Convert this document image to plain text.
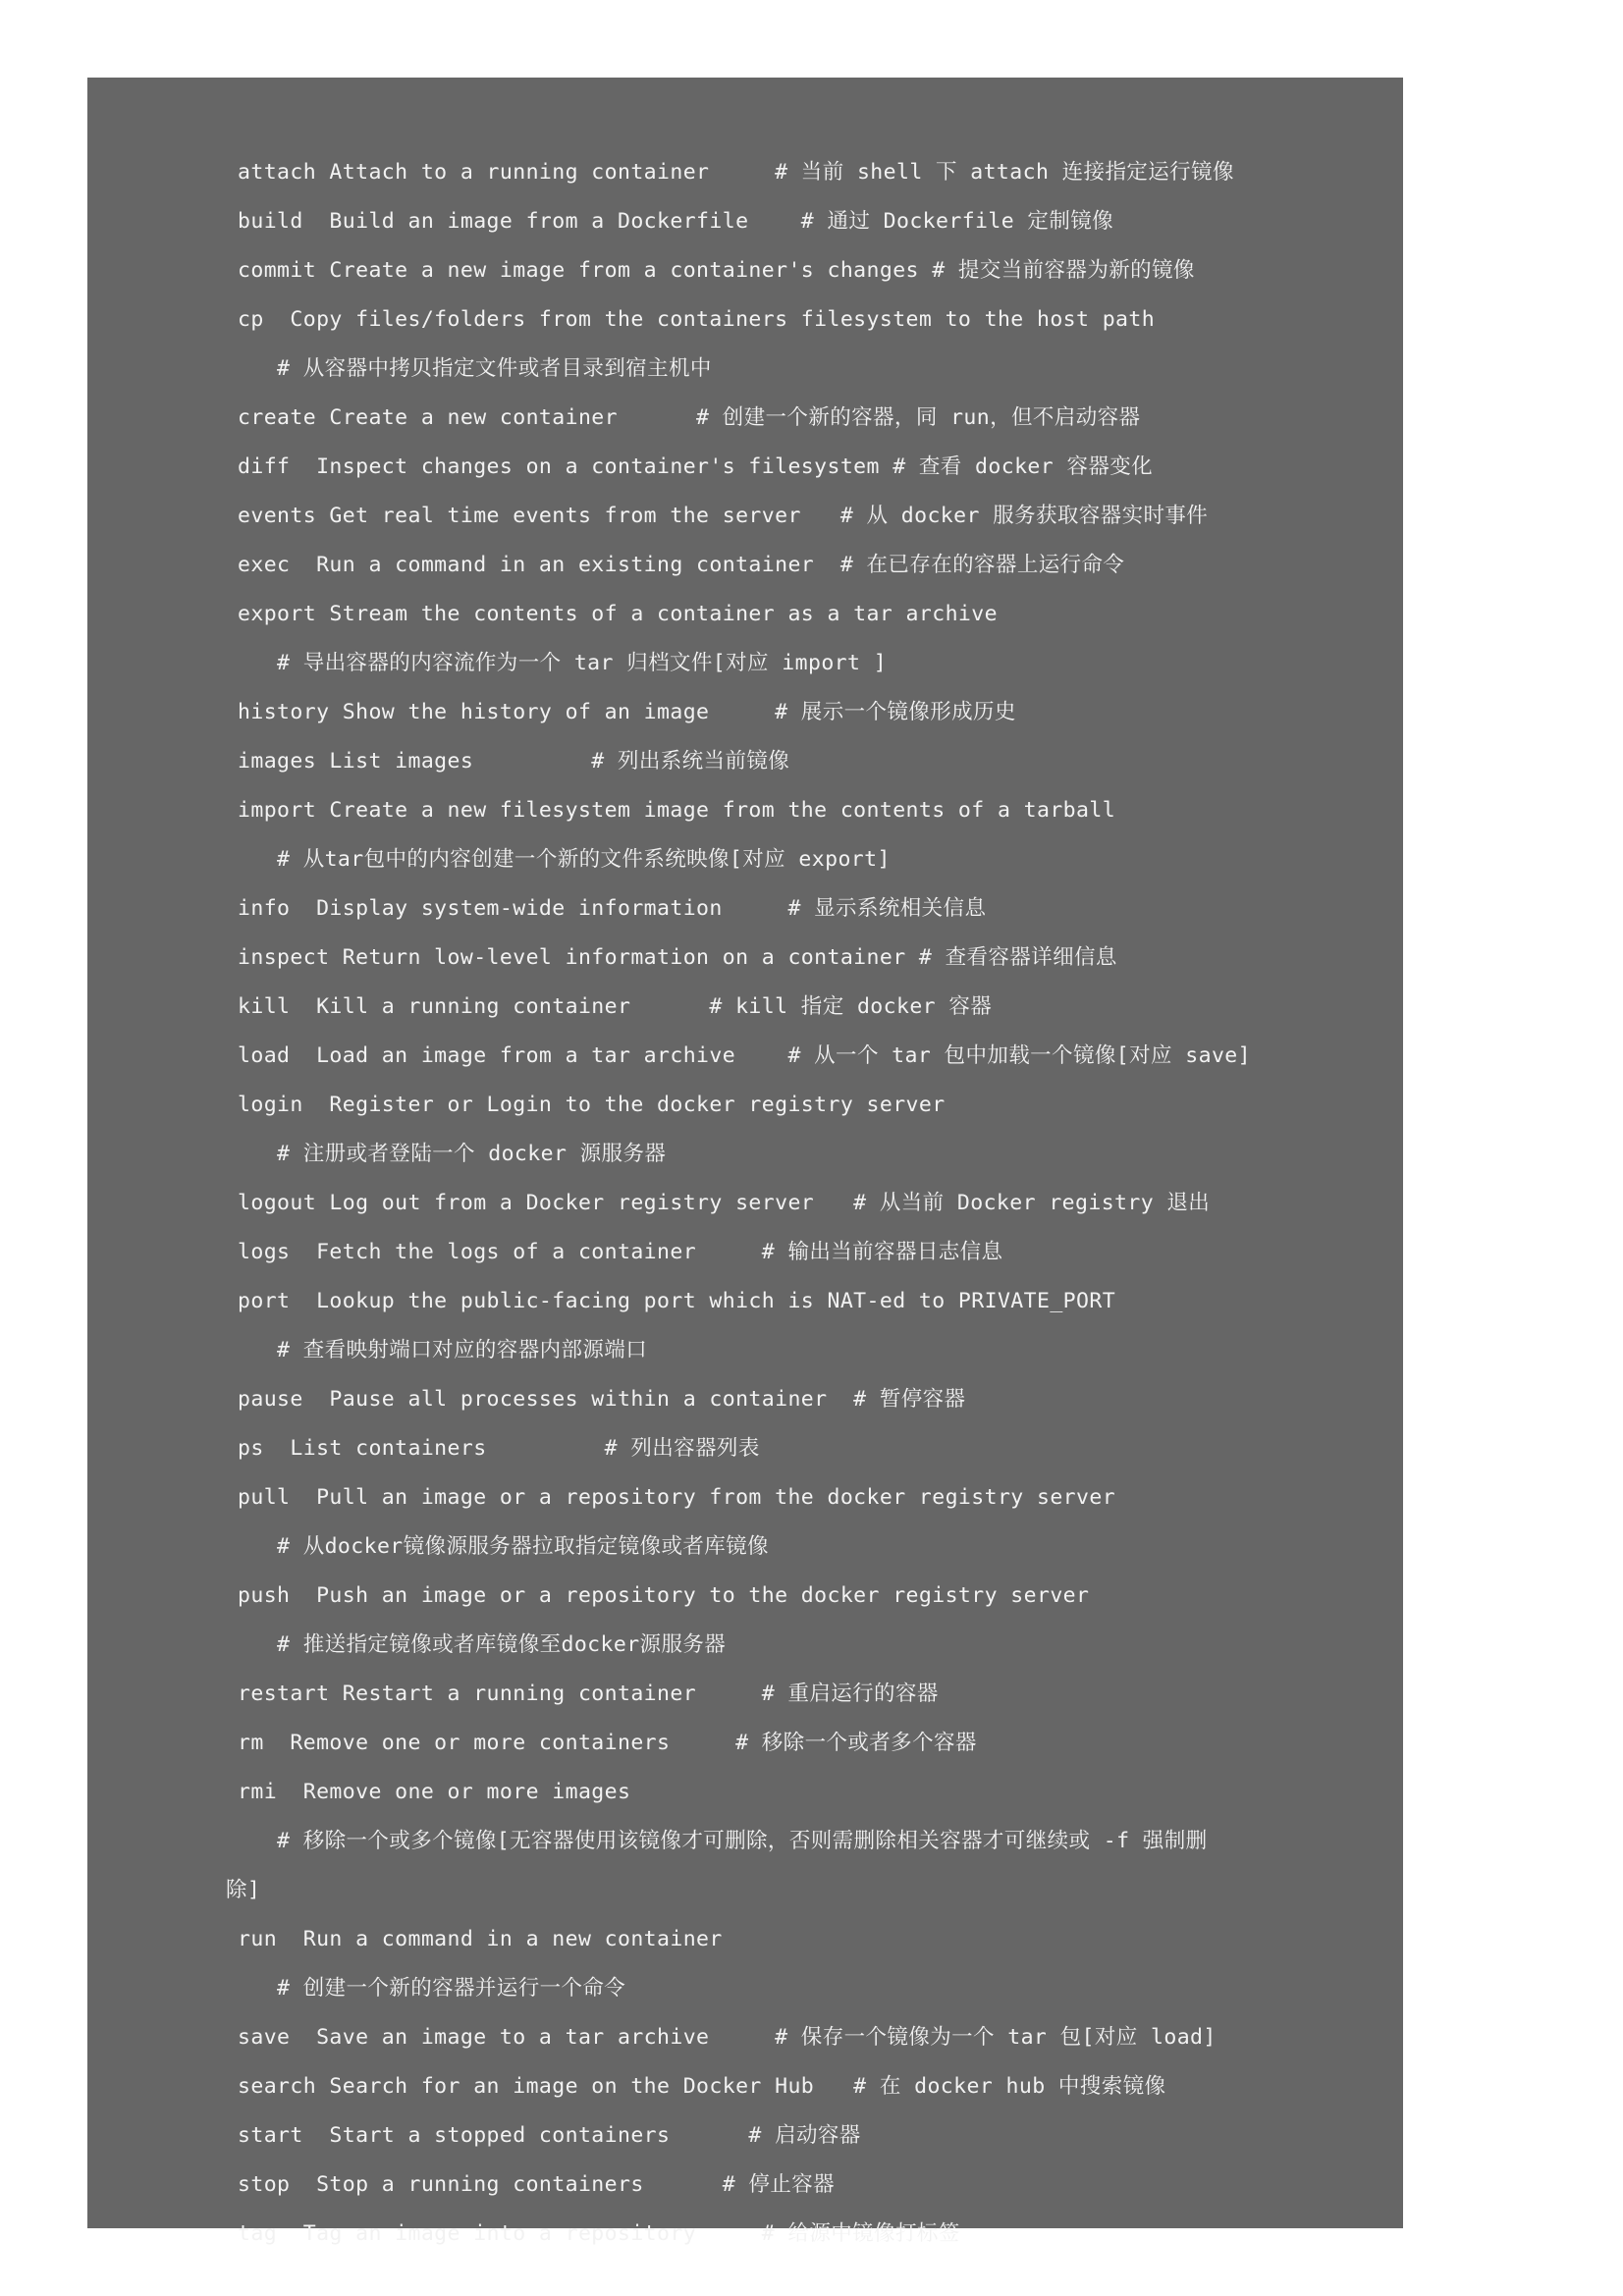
attach Attach to a running container     # 当前 shell 下 attach 连接指定运行镜像
build  Build an image from a Dockerfile    # 通过 Dockerfile 定制镜像
commit Create a new image from a container's changes # 提交当前容器为新的镜像
cp  Copy files/folders from the containers filesystem to the host path
# 从容器中拷贝指定文件或者目录到宿主机中
create Create a new container      # 创建一个新的容器，同 run，但不启动容器
diff  Inspect changes on a container's filesystem # 查看 docker 容器变化
events Get real time events from the server   # 从 docker 服务获取容器实时事件
exec  Run a command in an existing container  # 在已存在的容器上运行命令
export Stream the contents of a container as a tar archive
# 导出容器的内容流作为一个 tar 归档文件[对应 import ]
history Show the history of an image     # 展示一个镜像形成历史
images List images         # 列出系统当前镜像
import Create a new filesystem image from the contents of a tarball
# 从tar包中的内容创建一个新的文件系统映像[对应 export]
info  Display system-wide information     # 显示系统相关信息
inspect Return low-level information on a container # 查看容器详细信息
kill  Kill a running container      # kill 指定 docker 容器
load  Load an image from a tar archive    # 从一个 tar 包中加载一个镜像[对应 save]
login  Register or Login to the docker registry server
# 注册或者登陆一个 docker 源服务器
logout Log out from a Docker registry server   # 从当前 Docker registry 退出
logs  Fetch the logs of a container     # 输出当前容器日志信息
port  Lookup the public-facing port which is NAT-ed to PRIVATE_PORT
# 查看映射端口对应的容器内部源端口
pause  Pause all processes within a container  # 暂停容器
ps  List containers         # 列出容器列表
pull  Pull an image or a repository from the docker registry server
# 从docker镜像源服务器拉取指定镜像或者库镜像
push  Push an image or a repository to the docker registry server
# 推送指定镜像或者库镜像至docker源服务器
restart Restart a running container     # 重启运行的容器
rm  Remove one or more containers     # 移除一个或者多个容器
rmi  Remove one or more images
# 移除一个或多个镜像[无容器使用该镜像才可删除，否则需删除相关容器才可继续或 -f 强制删
除]
run  Run a command in a new container
# 创建一个新的容器并运行一个命令
save  Save an image to a tar archive     # 保存一个镜像为一个 tar 包[对应 load]
search Search for an image on the Docker Hub   # 在 docker hub 中搜索镜像
start  Start a stopped containers      # 启动容器
stop  Stop a running containers      # 停止容器
tag  Tag an image into a repository     # 给源中镜像打标签
